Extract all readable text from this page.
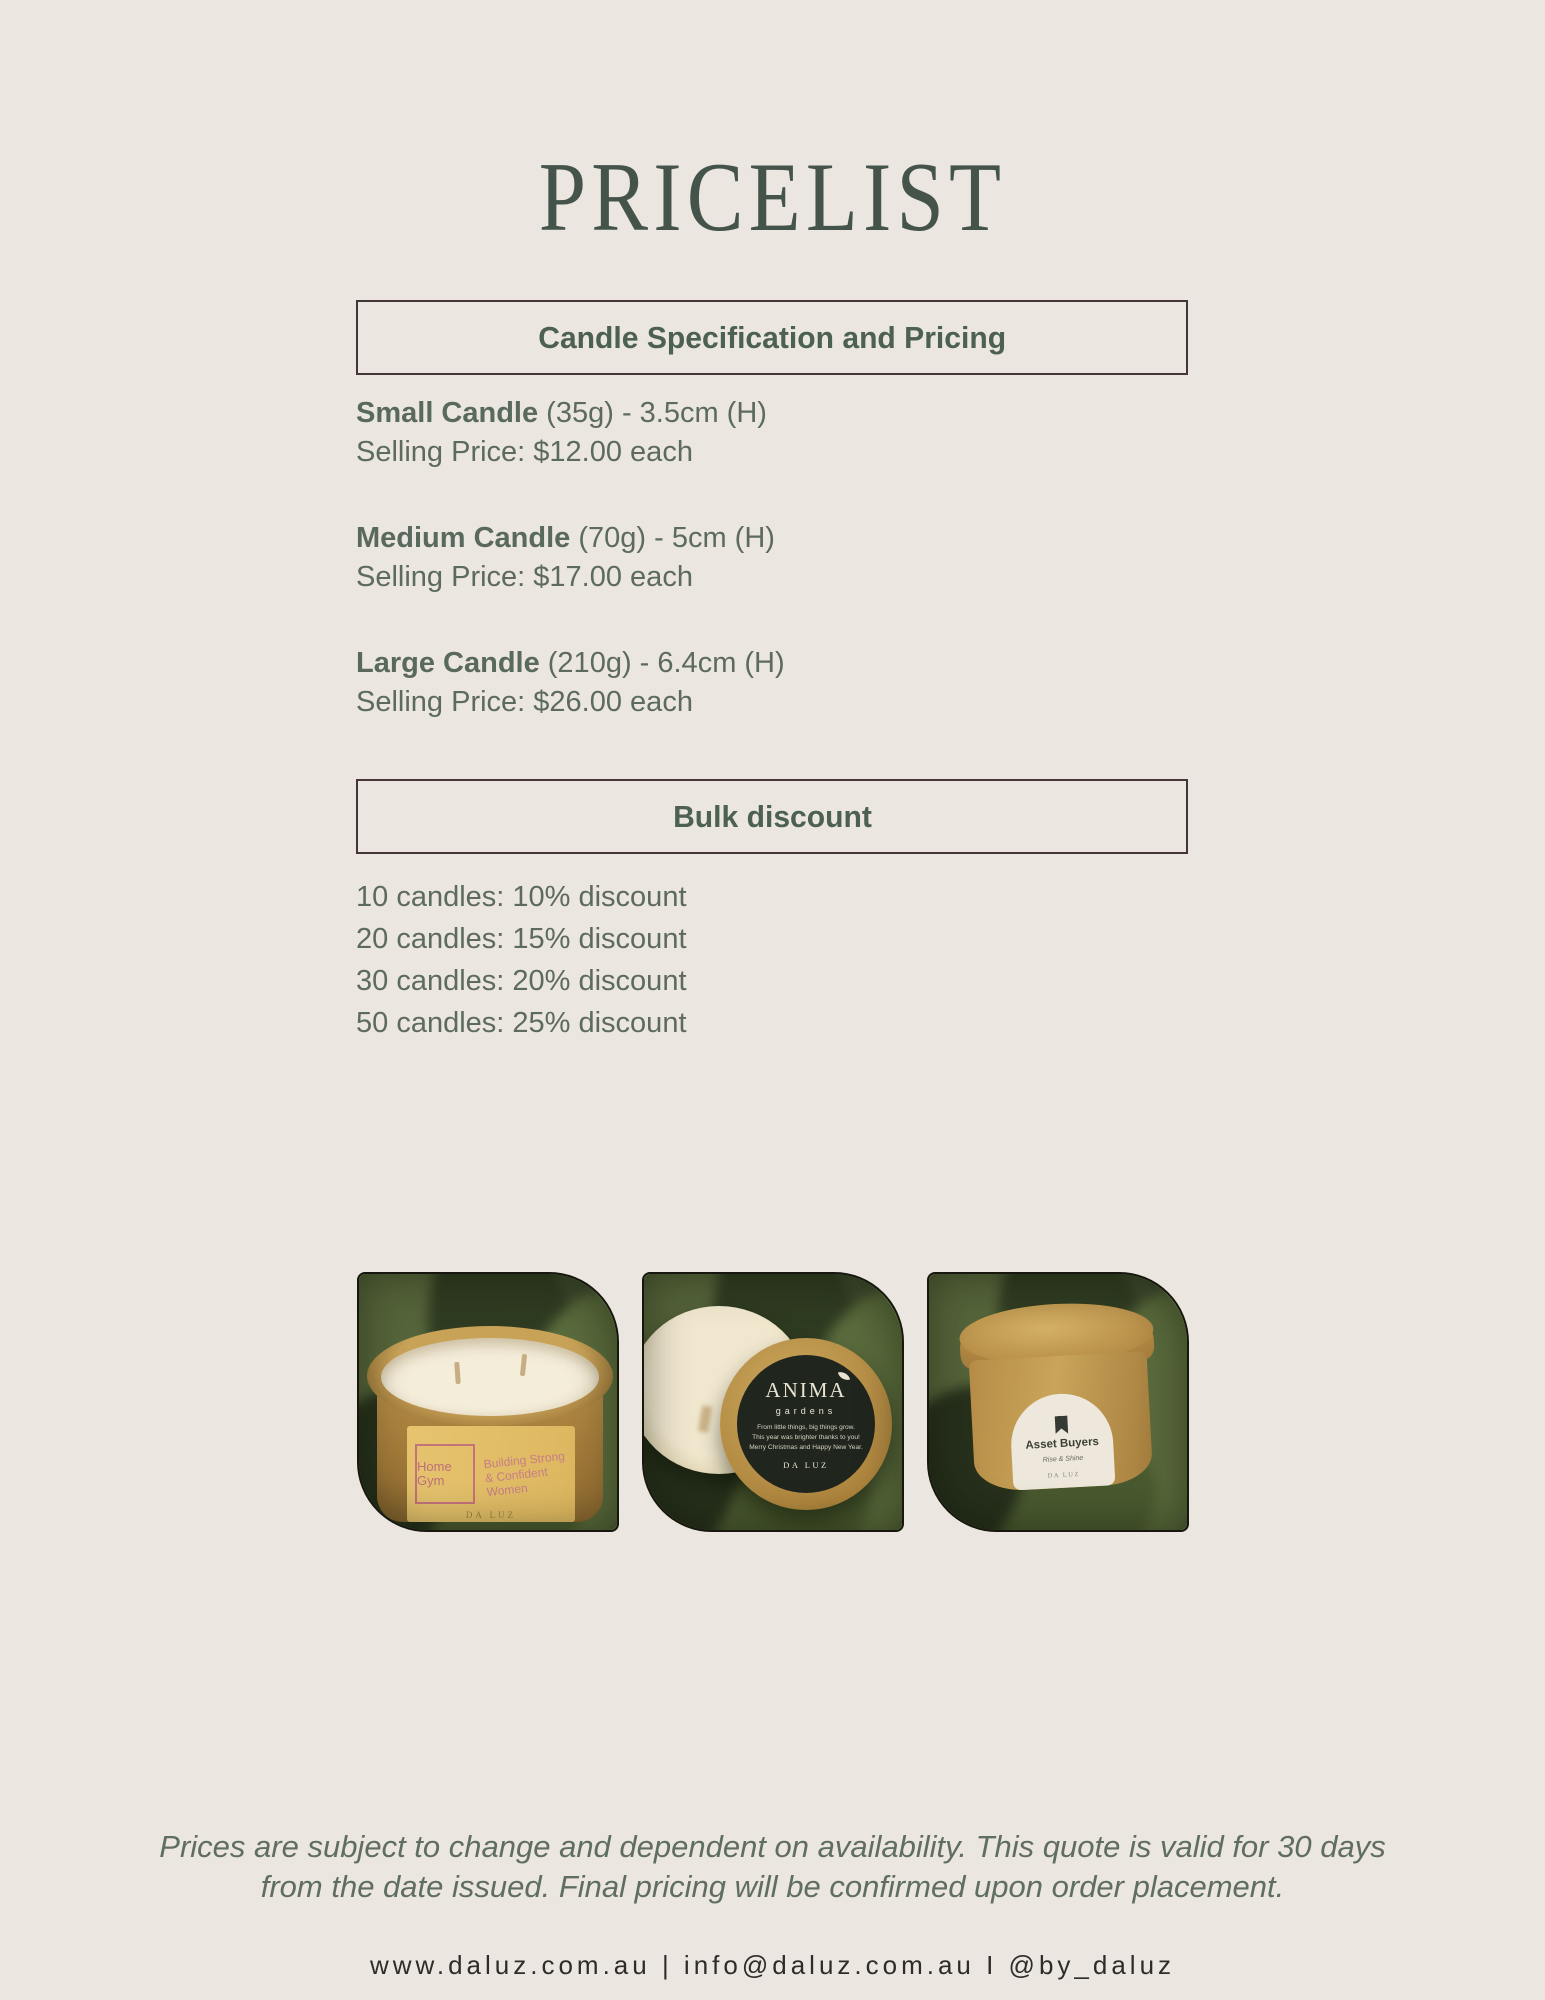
PRICELIST
Candle Specification and Pricing
Small Candle (35g) - 3.5cm (H)
Selling Price: $12.00 each
Medium Candle (70g) - 5cm (H)
Selling Price: $17.00 each
Large Candle (210g) - 6.4cm (H)
Selling Price: $26.00 each
Bulk discount
10 candles: 10% discount
20 candles: 15% discount
30 candles: 20% discount
50 candles: 25% discount
Home Gym
Building Strong & Confident Women
DA LUZ
ANIMA
gardens
From little things, big things grow.
This year was brighter thanks to you!
Merry Christmas and Happy New Year.
DA LUZ
Asset Buyers
Rise & Shine
DA LUZ
Prices are subject to change and dependent on availability. This quote is valid for 30 days
from the date issued. Final pricing will be confirmed upon order placement.
www.daluz.com.au | info@daluz.com.au I @by_daluz
